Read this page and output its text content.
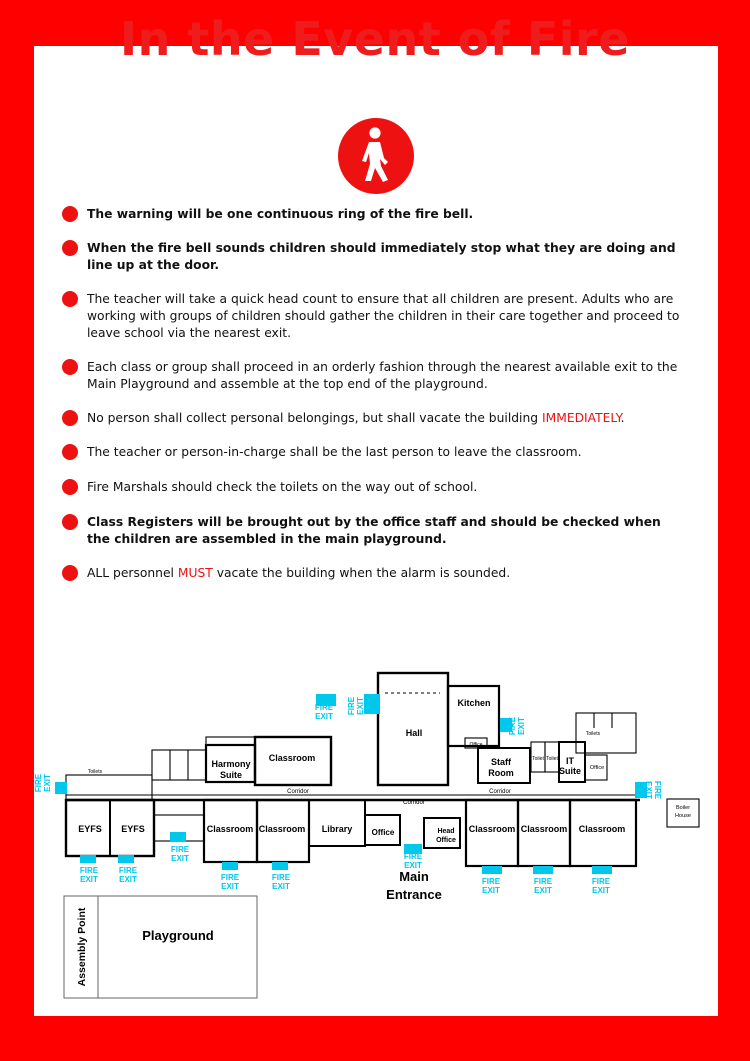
In the Event of Fire
The warning will be one continuous ring of the fire bell.
When the fire bell sounds children should immediately stop what they are doing and line up at the door.
The teacher will take a quick head count to ensure that all children are present. Adults who are working with groups of children should gather the children in their care together and proceed to leave school via the nearest exit.
Each class or group shall proceed in an orderly fashion through the nearest available exit to the Main Playground and assemble at the top end of the playground.
No person shall collect personal belongings, but shall vacate the building IMMEDIATELY.
The teacher or person-in-charge shall be the last person to leave the classroom.
Fire Marshals should check the toilets on the way out of school.
Class Registers will be brought out by the office staff and should be checked when the children are assembled in the main playground.
ALL personnel MUST vacate the building when the alarm is sounded.
Hall
Kitchen
Classroom
Harmony
Suite
Staff
Room
IT
Suite
EYFS EYFS	Classroom Classroom Library Office	Head
Office
Classroom Classroom Classroom
Corridor
Corridor
Corridor
Toilets
Toilets
Toilet Toilet
Boiler
House
Office
Office
FIRE EXIT
FIRE
EXIT
FIRE
EXIT
FIRE
EXIT
FIRE
EXIT
FIRE
EXIT
FIRE
EXIT
FIRE EXIT
FIRE EXIT
FIRE
EXIT
FIRE
EXIT
FIRE
EXIT
FIRE
EXIT
FIRE
EXIT
Main
Entrance
Assembly Point	Playground
